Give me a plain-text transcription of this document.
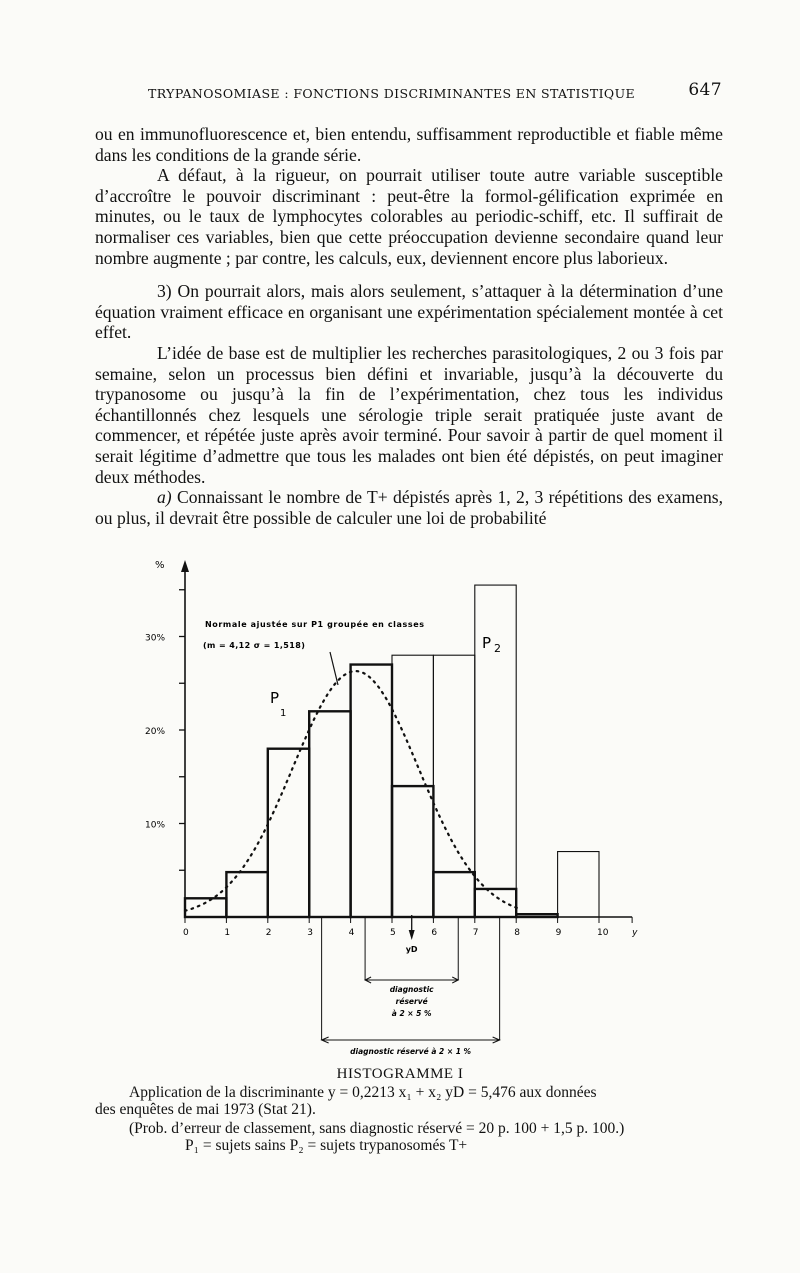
TRYPANOSOMIASE : FONCTIONS DISCRIMINANTES EN STATISTIQUE	647

ou en immunofluorescence et, bien entendu, suffisamment reproductible et fiable même dans les conditions de la grande série.

A défaut, à la rigueur, on pourrait utiliser toute autre variable susceptible d’accroître le pouvoir discriminant : peut-être la formol-gélification exprimée en minutes, ou le taux de lymphocytes colorables au periodic-schiff, etc. Il suffirait de normaliser ces variables, bien que cette préoccupation devienne secondaire quand leur nombre augmente ; par contre, les calculs, eux, deviennent encore plus laborieux.

3) On pourrait alors, mais alors seulement, s’attaquer à la détermination d’une équation vraiment efficace en organisant une expérimentation spécialement montée à cet effet.

L’idée de base est de multiplier les recherches parasitologiques, 2 ou 3 fois par semaine, selon un processus bien défini et invariable, jusqu’à la découverte du trypanosome ou jusqu’à la fin de l’expérimentation, chez tous les individus échantillonnés chez lesquels une sérologie triple serait pratiquée juste avant de commencer, et répétée juste après avoir terminé. Pour savoir à partir de quel moment il serait légitime d’admettre que tous les malades ont bien été dépistés, on peut imaginer deux méthodes.

a) Connaissant le nombre de T+ dépistés après 1, 2, 3 répétitions des examens, ou plus, il devrait être possible de calculer une loi de probabilité

%
10%
20%
30%
0	1	2	3	4	5	6	7	8	9	10	y
Normale ajustée sur P1 groupée en classes
(m = 4,12 σ = 1,518)
P
1
P 2
yD
diagnostic
réservé
à 2 × 5 %
diagnostic réservé à 2 × 1 %
HISTOGRAMME I
Application de la discriminante y = 0,2213 x₁ + x₂ yD = 5,476 aux données
des enquêtes de mai 1973 (Stat 21).
(Prob. d’erreur de classement, sans diagnostic réservé = 20 p. 100 + 1,5 p. 100.)
P₁ = sujets sains P₂ = sujets trypanosomés T+
